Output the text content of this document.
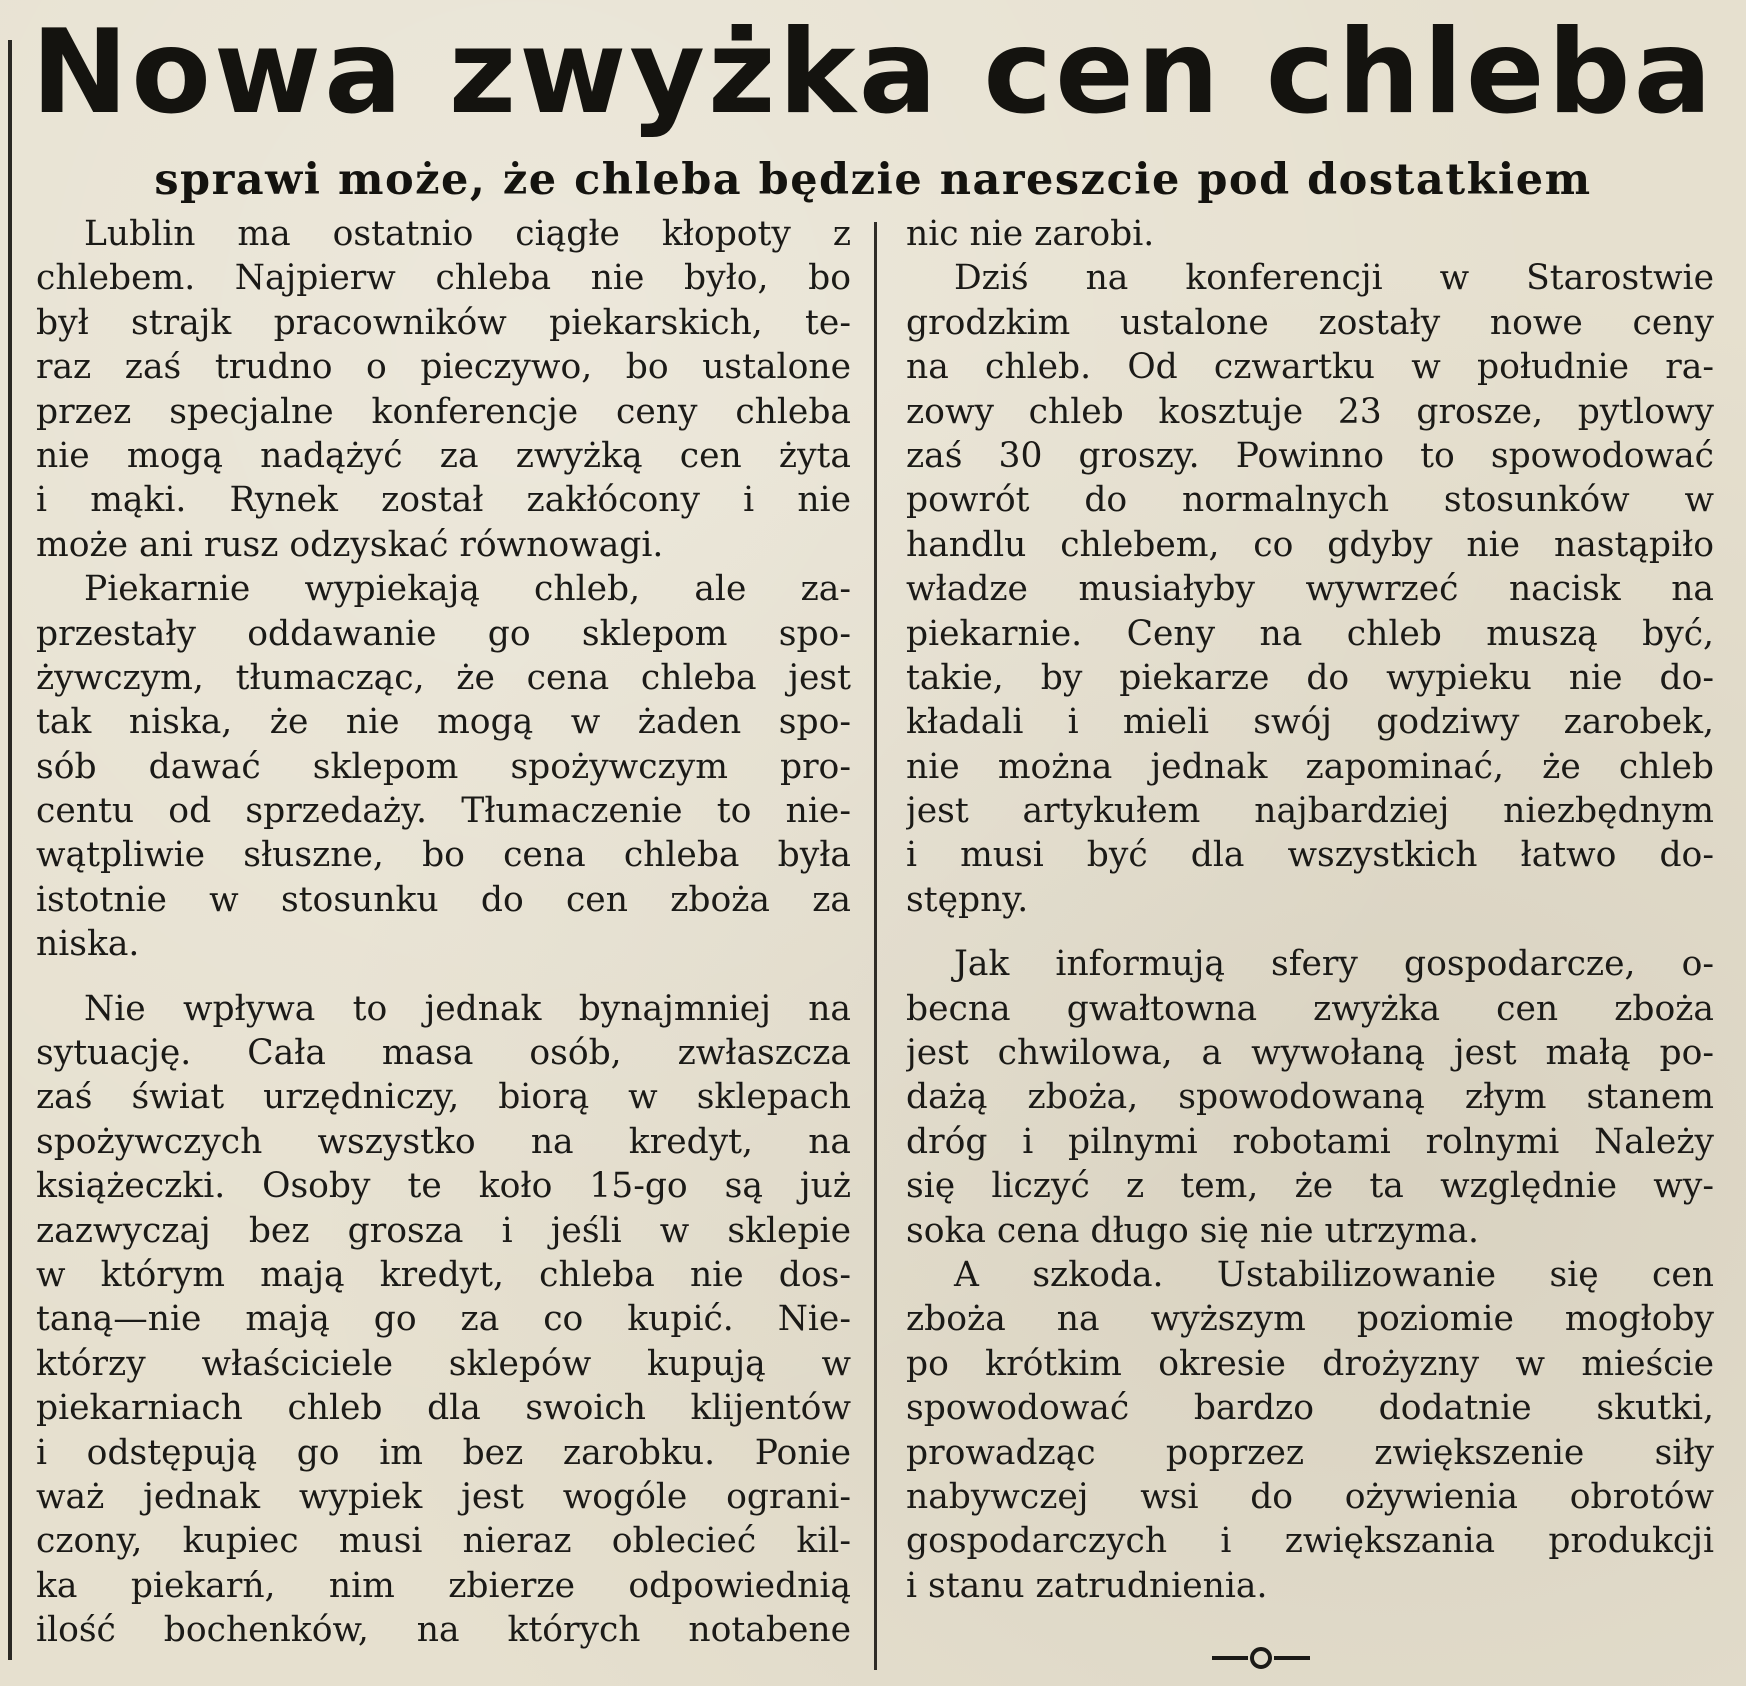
Nowa zwyżka cen chleba
sprawi może, że chleba będzie nareszcie pod dostatkiem
Lublin ma ostatnio ciągłe kłopoty z
chlebem. Najpierw chleba nie było, bo
był strajk pracowników piekarskich, te-
raz zaś trudno o pieczywo, bo ustalone
przez specjalne konferencje ceny chleba
nie mogą nadążyć za zwyżką cen żyta
i mąki. Rynek został zakłócony i nie
może ani rusz odzyskać równowagi.
Piekarnie wypiekają chleb, ale za-
przestały oddawanie go sklepom spo-
żywczym, tłumacząc, że cena chleba jest
tak niska, że nie mogą w żaden spo-
sób dawać sklepom spożywczym pro-
centu od sprzedaży. Tłumaczenie to nie-
wątpliwie słuszne, bo cena chleba była
istotnie w stosunku do cen zboża za
niska.
Nie wpływa to jednak bynajmniej na
sytuację. Cała masa osób, zwłaszcza
zaś świat urzędniczy, biorą w sklepach
spożywczych wszystko na kredyt, na
książeczki. Osoby te koło 15-go są już
zazwyczaj bez grosza i jeśli w sklepie
w którym mają kredyt, chleba nie dos-
taną—nie mają go za co kupić. Nie-
którzy właściciele sklepów kupują w
piekarniach chleb dla swoich klijentów
i odstępują go im bez zarobku. Ponie
waż jednak wypiek jest wogóle ograni-
czony, kupiec musi nieraz oblecieć kil-
ka piekarń, nim zbierze odpowiednią
ilość bochenków, na których notabene
nic nie zarobi.
Dziś na konferencji w Starostwie
grodzkim ustalone zostały nowe ceny
na chleb. Od czwartku w południe ra-
zowy chleb kosztuje 23 grosze, pytlowy
zaś 30 groszy. Powinno to spowodować
powrót do normalnych stosunków w
handlu chlebem, co gdyby nie nastąpiło
władze musiałyby wywrzeć nacisk na
piekarnie. Ceny na chleb muszą być,
takie, by piekarze do wypieku nie do-
kładali i mieli swój godziwy zarobek,
nie można jednak zapominać, że chleb
jest artykułem najbardziej niezbędnym
i musi być dla wszystkich łatwo do-
stępny.
Jak informują sfery gospodarcze, o-
becna gwałtowna zwyżka cen zboża
jest chwilowa, a wywołaną jest małą po-
dażą zboża, spowodowaną złym stanem
dróg i pilnymi robotami rolnymi Należy
się liczyć z tem, że ta względnie wy-
soka cena długo się nie utrzyma.
A szkoda. Ustabilizowanie się cen
zboża na wyższym poziomie mogłoby
po krótkim okresie drożyzny w mieście
spowodować bardzo dodatnie skutki,
prowadząc poprzez zwiększenie siły
nabywczej wsi do ożywienia obrotów
gospodarczych i zwiększania produkcji
i stanu zatrudnienia.
